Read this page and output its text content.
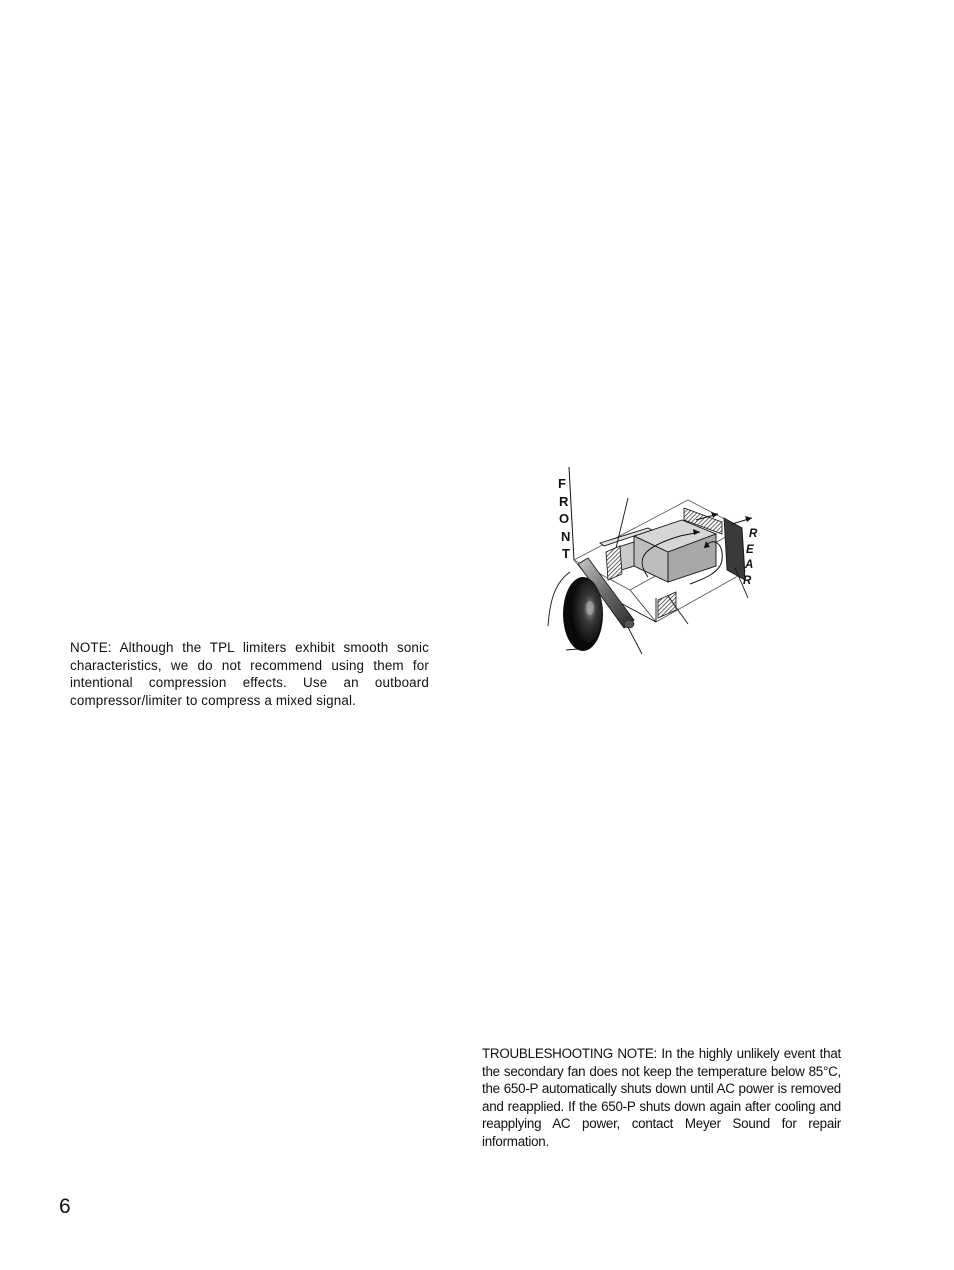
NOTE: Although the TPL limiters exhibit smooth sonic characteristics, we do not recommend using them for intentional compression effects. Use an outboard compressor/limiter to compress a mixed signal.
F
R
O
N
T
R
E
A
R
TROUBLESHOOTING NOTE: In the highly unlikely event that the secondary fan does not keep the temperature below 85°C, the 650-P automatically shuts down until AC power is removed and reapplied. If the 650-P shuts down again after cooling and reapplying AC power, contact Meyer Sound for repair information.
6
